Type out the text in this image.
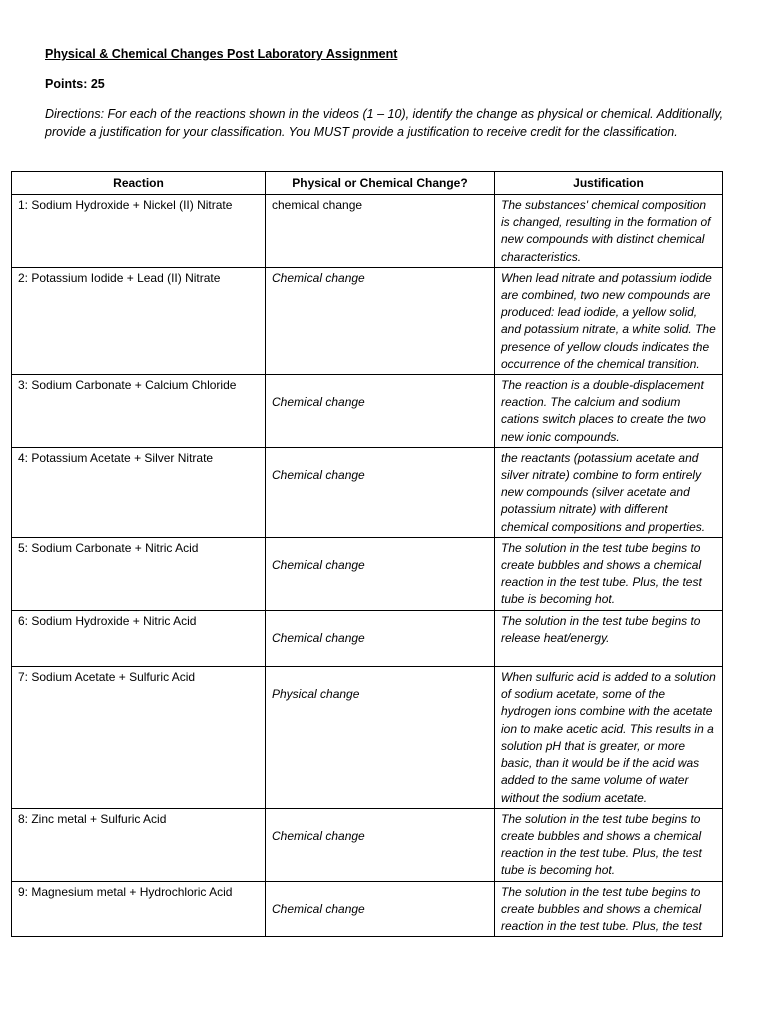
Physical & Chemical Changes Post Laboratory Assignment
Points: 25
Directions: For each of the reactions shown in the videos (1 – 10), identify the change as physical or chemical. Additionally, provide a justification for your classification. You MUST provide a justification to receive credit for the classification.
Reaction	Physical or Chemical Change?	Justification
1: Sodium Hydroxide + Nickel (II) Nitrate	chemical change	The substances' chemical composition is changed, resulting in the formation of new compounds with distinct chemical characteristics.
2: Potassium Iodide + Lead (II) Nitrate	Chemical change	When lead nitrate and potassium iodide are combined, two new compounds are produced: lead iodide, a yellow solid, and potassium nitrate, a white solid. The presence of yellow clouds indicates the occurrence of the chemical transition.
3: Sodium Carbonate + Calcium Chloride	Chemical change	The reaction is a double-displacement reaction. The calcium and sodium cations switch places to create the two new ionic compounds.
4: Potassium Acetate + Silver Nitrate	Chemical change	the reactants (potassium acetate and silver nitrate) combine to form entirely new compounds (silver acetate and potassium nitrate) with different chemical compositions and properties.
5: Sodium Carbonate + Nitric Acid	Chemical change	The solution in the test tube begins to create bubbles and shows a chemical reaction in the test tube. Plus, the test tube is becoming hot.
6: Sodium Hydroxide + Nitric Acid	Chemical change	The solution in the test tube begins to release heat/energy.
7: Sodium Acetate + Sulfuric Acid	Physical change	When sulfuric acid is added to a solution of sodium acetate, some of the hydrogen ions combine with the acetate ion to make acetic acid. This results in a solution pH that is greater, or more basic, than it would be if the acid was added to the same volume of water without the sodium acetate.
8: Zinc metal + Sulfuric Acid	Chemical change	The solution in the test tube begins to create bubbles and shows a chemical reaction in the test tube. Plus, the test tube is becoming hot.
9: Magnesium metal + Hydrochloric Acid	Chemical change	The solution in the test tube begins to create bubbles and shows a chemical reaction in the test tube. Plus, the test
